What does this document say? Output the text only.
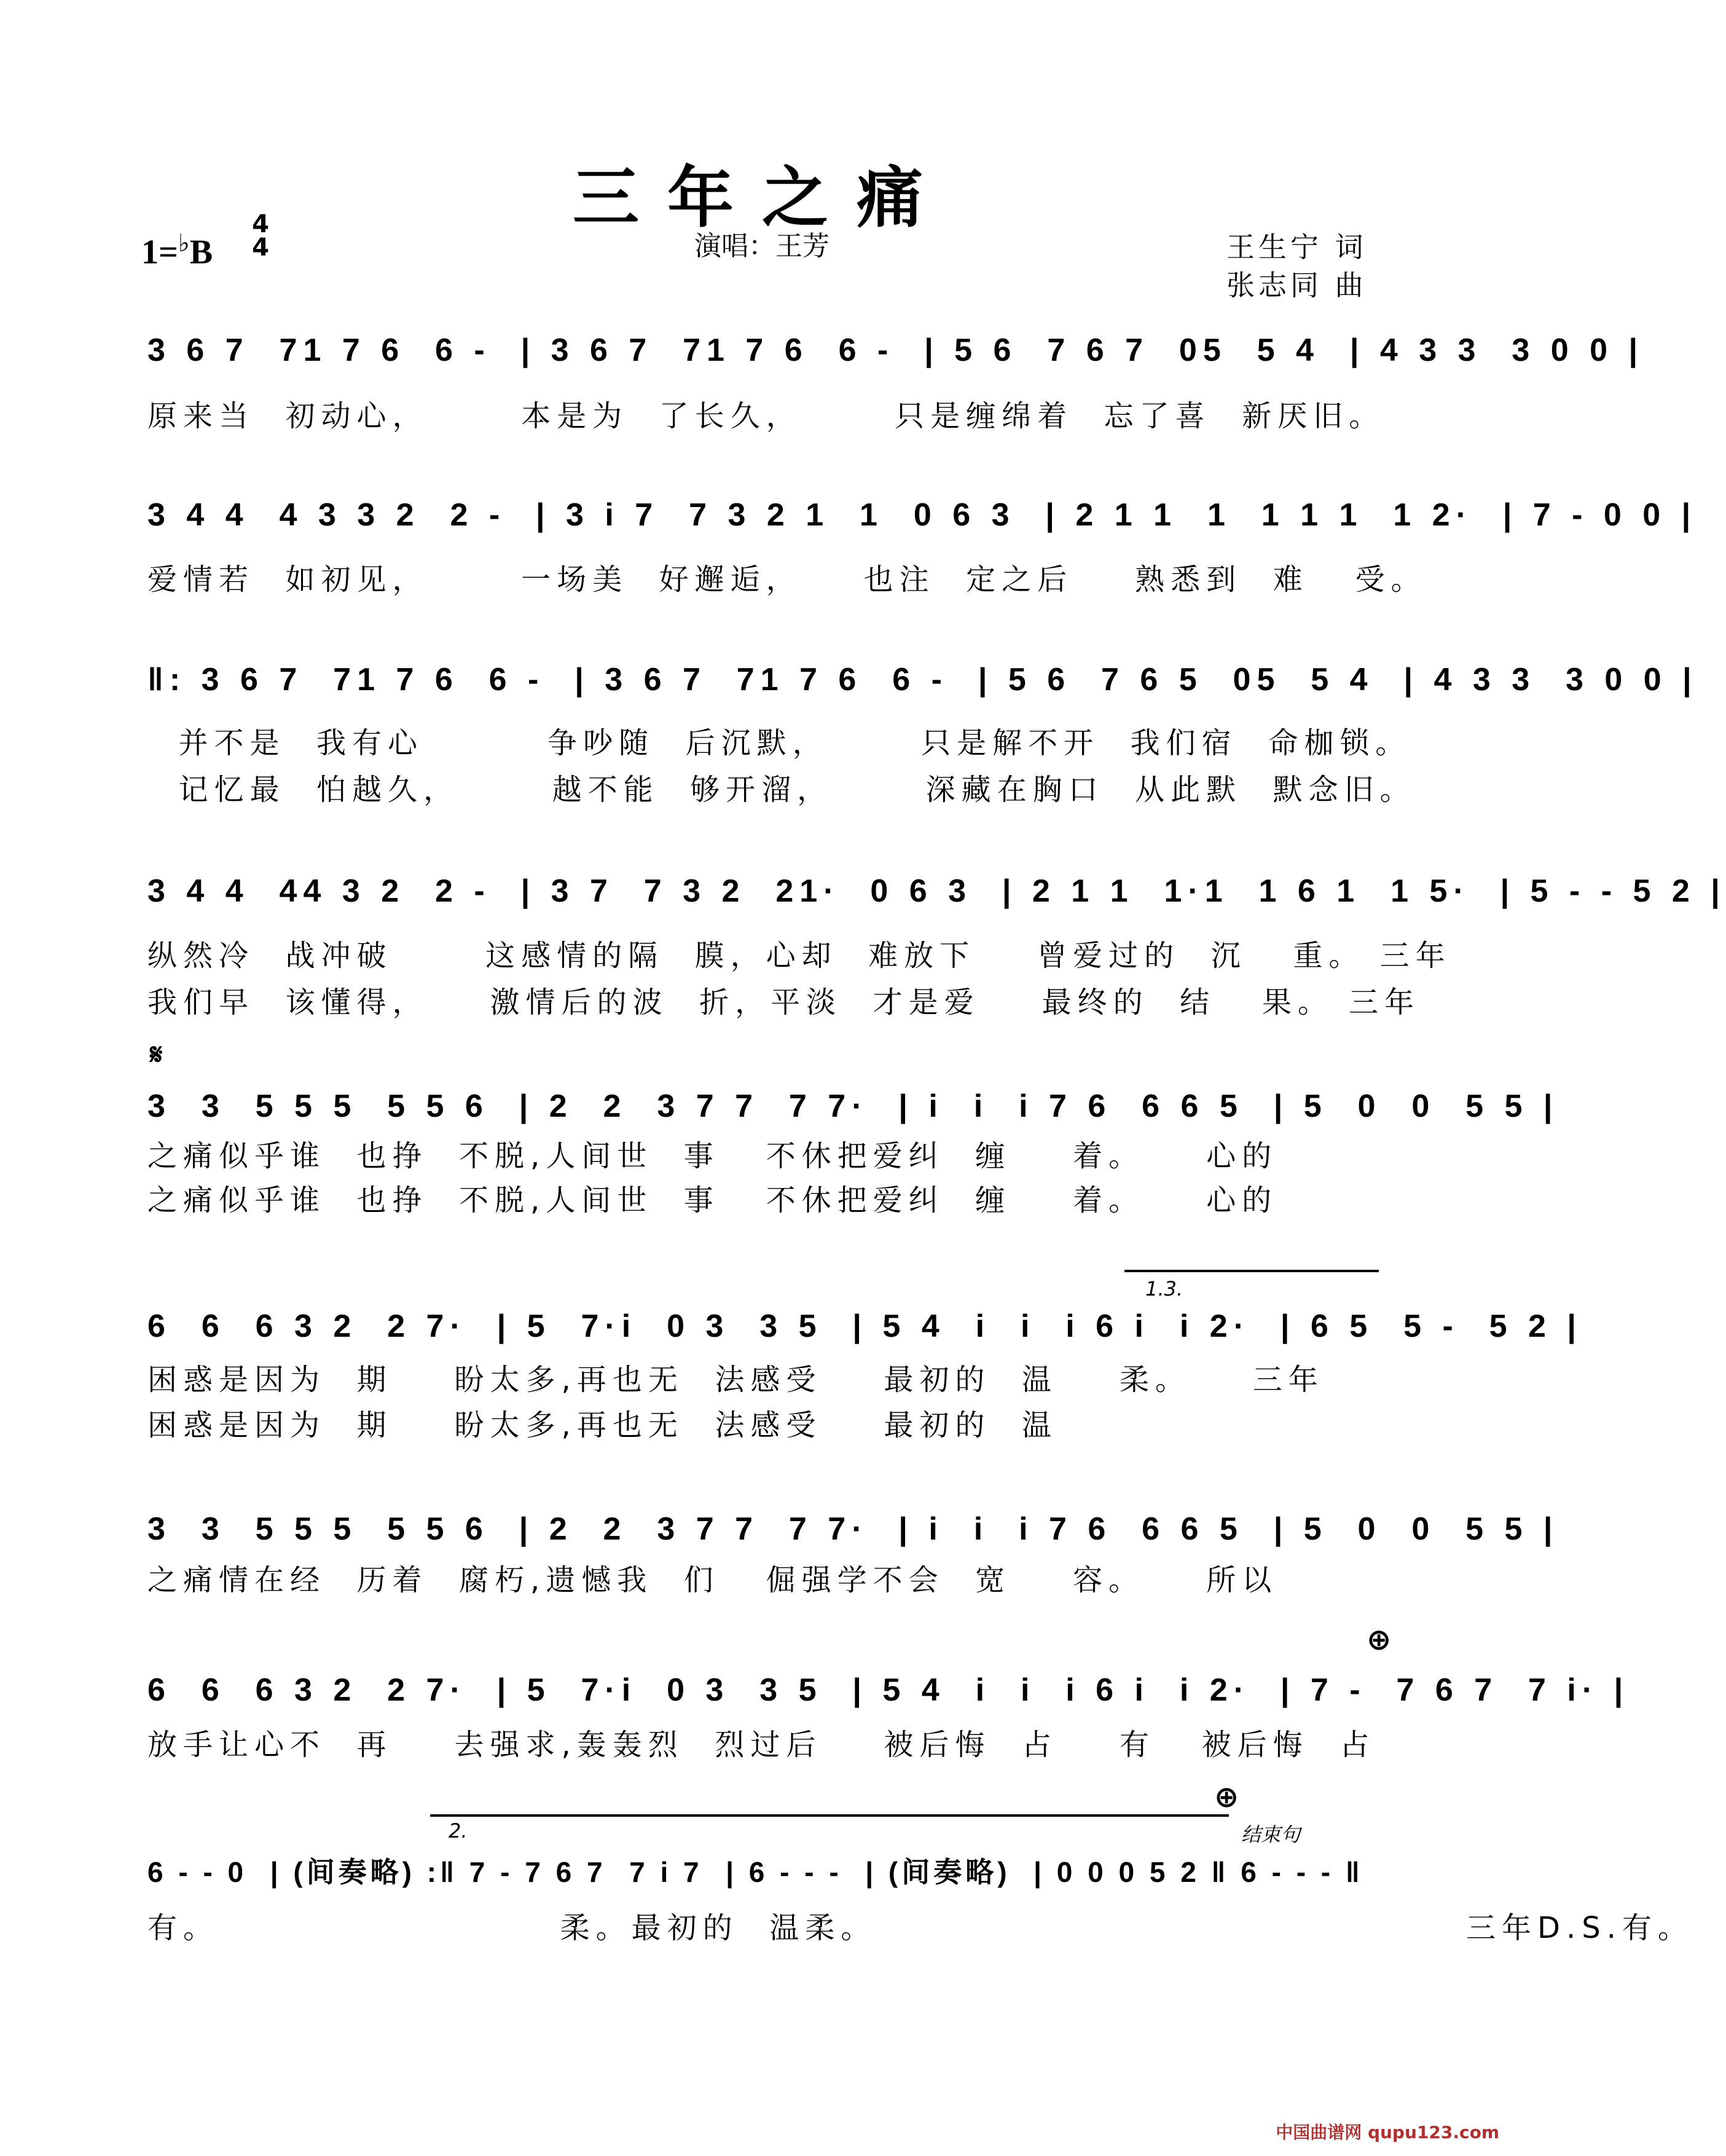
三年之痛
1=♭B
4
4	演唱：王芳	王生宁 词
张志同 曲
3 6 7  71 7 6  6 -  | 3 6 7  71 7 6  6 -  | 5 6  7 6 7  05  5 4  | 4 3 3  3 0 0 |
原来当  初动心，      本是为  了长久，      只是缠绵着  忘了喜  新厌旧。
3 4 4  4 3 3 2  2 -  | 3 i 7  7 3 2 1  1  0 6 3  | 2 1 1  1  1 1 1  1 2·  | 7 - 0 0 |
爱情若  如初见，      一场美  好邂逅，    也注  定之后    熟悉到  难   受。
‖: 3 6 7  71 7 6  6 -  | 3 6 7  71 7 6  6 -  | 5 6  7 6 5  05  5 4  | 4 3 3  3 0 0 |
并不是  我有心        争吵随  后沉默，      只是解不开  我们宿  命枷锁。
记忆最  怕越久，      越不能  够开溜，      深藏在胸口  从此默  默念旧。
3 4 4  44 3 2  2 -  | 3 7  7 3 2  21·  0 6 3  | 2 1 1  1·1  1 6 1  1 5·  | 5 - - 5 2 |
纵然冷  战冲破      这感情的隔  膜，心却  难放下    曾爱过的  沉   重。 三年
我们早  该懂得，    激情后的波  折，平淡  才是爱    最终的  结   果。 三年
𝄋
3  3  5 5 5  5 5 6  | 2  2  3 7 7  7 7·  | i  i  i 7 6  6 6 5  | 5  0  0  5 5 |
之痛似乎谁  也挣  不脱,人间世  事   不休把爱纠  缠    着。    心的
之痛似乎谁  也挣  不脱,人间世  事   不休把爱纠  缠    着。    心的
1.3.
6  6  6 3 2  2 7·  | 5  7·i  0 3  3 5  | 5 4  i  i  i 6 i  i 2·  | 6 5  5 -  5 2 |
困惑是因为  期    盼太多,再也无  法感受    最初的  温    柔。    三年
困惑是因为  期    盼太多,再也无  法感受    最初的  温
3  3  5 5 5  5 5 6  | 2  2  3 7 7  7 7·  | i  i  i 7 6  6 6 5  | 5  0  0  5 5 |
之痛情在经  历着  腐朽,遗憾我  们   倔强学不会  宽    容。    所以
⊕
6  6  6 3 2  2 7·  | 5  7·i  0 3  3 5  | 5 4  i  i  i 6 i  i 2·  | 7 -  7 6 7  7 i· |
放手让心不  再    去强求,轰轰烈  烈过后    被后悔  占    有   被后悔  占
2.
⊕
结束句
6 - - 0  | (间奏略) :‖ 7 - 7 6 7  7 i 7  | 6 - - -  | (间奏略)  | 0 0 0 5 2 ‖ 6 - - - ‖
有。                      柔。最初的  温柔。                                      三年D.S.有。
中国曲谱网 qupu123.com
